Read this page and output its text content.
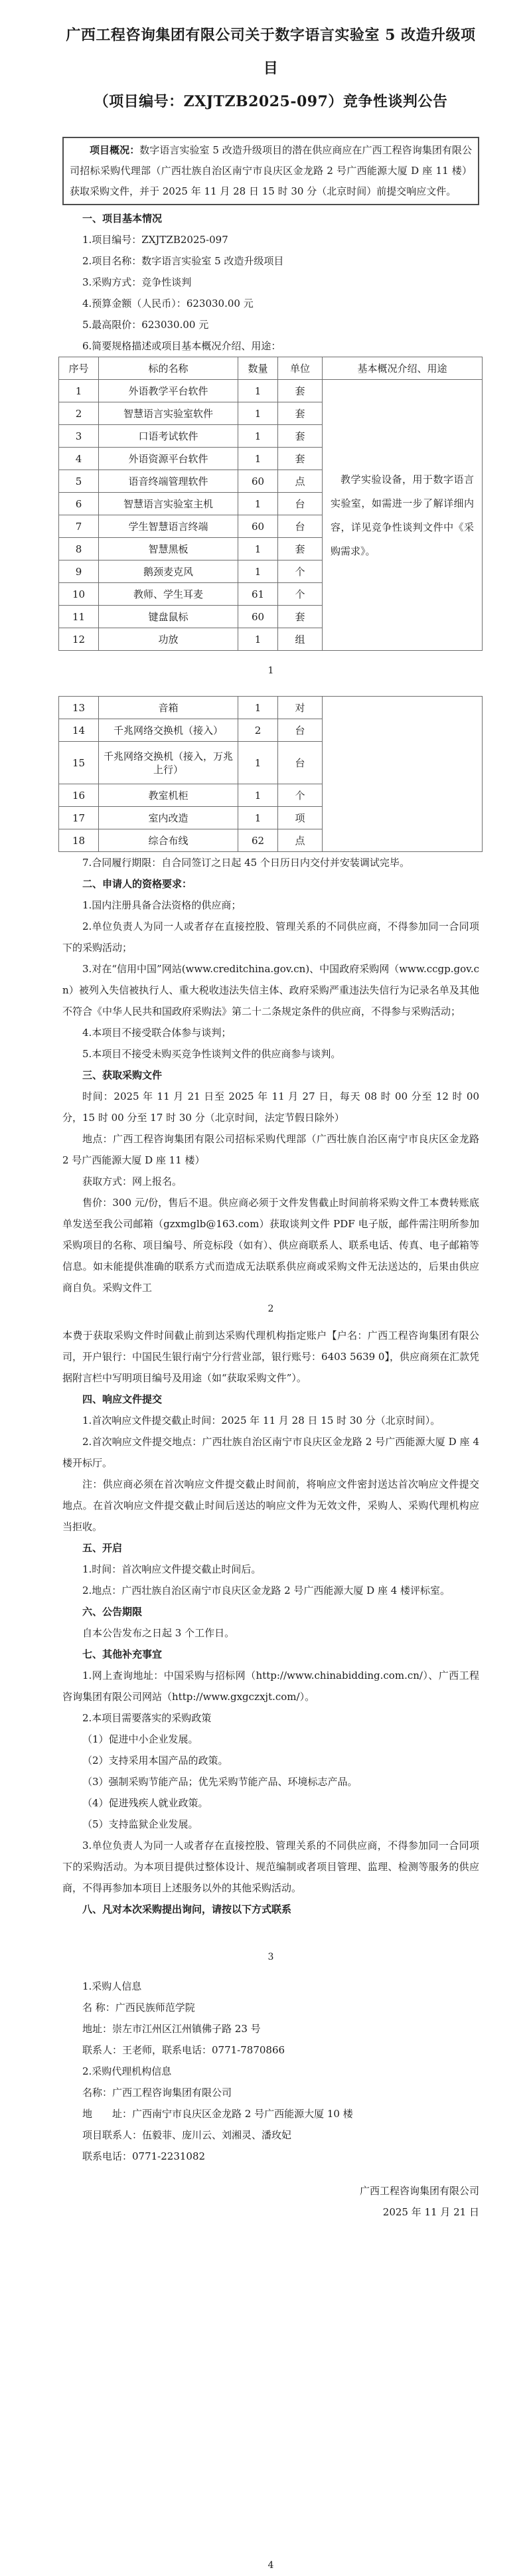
广西工程咨询集团有限公司关于数字语言实验室 5 改造升级项目
（项目编号：ZXJTZB2025-097）竞争性谈判公告

项目概况：数字语言实验室 5 改造升级项目的潜在供应商应在广西工程咨询集团有限公司招标采购代理部（广西壮族自治区南宁市良庆区金龙路 2 号广西能源大厦 D 座 11 楼）获取采购文件，并于 2025 年 11 月 28 日 15 时 30 分（北京时间）前提交响应文件。

一、项目基本情况

1.项目编号：ZXJTZB2025-097

2.项目名称：数字语言实验室 5 改造升级项目

3.采购方式：竞争性谈判

4.预算金额（人民币）：623030.00 元

5.最高限价：623030.00 元

6.简要规格描述或项目基本概况介绍、用途：

序号	标的名称	数量	单位	基本概况介绍、用途
1	外语教学平台软件	1	套	教学实验设备，用于数字语言实验室，如需进一步了解详细内容，详见竞争性谈判文件中《采购需求》。
2	智慧语言实验室软件	1	套	
3	口语考试软件	1	套	
4	外语资源平台软件	1	套	
5	语音终端管理软件	60	点	
6	智慧语言实验室主机	1	台	
7	学生智慧语言终端	60	台	
8	智慧黑板	1	套	
9	鹅颈麦克风	1	个	
10	教师、学生耳麦	61	个	
11	键盘鼠标	60	套	
12	功放	1	组	
1
13	音箱	1	对	
14	千兆网络交换机（接入）	2	台	
15	千兆网络交换机（接入，万兆上行）	1	台	
16	教室机柜	1	个	
17	室内改造	1	项	
18	综合布线	62	点	

7.合同履行期限：自合同签订之日起 45 个日历日内交付并安装调试完毕。

二、申请人的资格要求：

1.国内注册具备合法资格的供应商；

2.单位负责人为同一人或者存在直接控股、管理关系的不同供应商，不得参加同一合同项下的采购活动；

3.对在“信用中国”网站(www.creditchina.gov.cn)、中国政府采购网（www.ccgp.gov.cn）被列入失信被执行人、重大税收违法失信主体、政府采购严重违法失信行为记录名单及其他不符合《中华人民共和国政府采购法》第二十二条规定条件的供应商，不得参与采购活动；

4.本项目不接受联合体参与谈判；

5.本项目不接受未购买竞争性谈判文件的供应商参与谈判。

三、获取采购文件

时间：2025 年 11 月 21 日至 2025 年 11 月 27 日，每天 08 时 00 分至 12 时 00 分，15 时 00 分至 17 时 30 分（北京时间，法定节假日除外）

地点：广西工程咨询集团有限公司招标采购代理部（广西壮族自治区南宁市良庆区金龙路 2 号广西能源大厦 D 座 11 楼）

获取方式：网上报名。

售价：300 元/份，售后不退。供应商必须于文件发售截止时间前将采购文件工本费转账底单发送至我公司邮箱（gzxmglb@163.com）获取谈判文件 PDF 电子版，邮件需注明所参加采购项目的名称、项目编号、所竞标段（如有）、供应商联系人、联系电话、传真、电子邮箱等信息。如未能提供准确的联系方式而造成无法联系供应商或采购文件无法送达的，后果由供应商自负。采购文件工

2

本费于获取采购文件时间截止前到达采购代理机构指定账户【户名：广西工程咨询集团有限公司，开户银行：中国民生银行南宁分行营业部，银行账号：6403 5639 0】，供应商须在汇款凭据附言栏中写明项目编号及用途（如“获取采购文件”）。

四、响应文件提交

1.首次响应文件提交截止时间：2025 年 11 月 28 日 15 时 30 分（北京时间）。

2.首次响应文件提交地点：广西壮族自治区南宁市良庆区金龙路 2 号广西能源大厦 D 座 4 楼开标厅。

注：供应商必须在首次响应文件提交截止时间前，将响应文件密封送达首次响应文件提交地点。在首次响应文件提交截止时间后送达的响应文件为无效文件，采购人、采购代理机构应当拒收。

五、开启

1.时间：首次响应文件提交截止时间后。

2.地点：广西壮族自治区南宁市良庆区金龙路 2 号广西能源大厦 D 座 4 楼评标室。

六、公告期限

自本公告发布之日起 3 个工作日。

七、其他补充事宜

1.网上查询地址：中国采购与招标网（http://www.chinabidding.com.cn/）、广西工程咨询集团有限公司网站（http://www.gxgczxjt.com/）。

2.本项目需要落实的采购政策

（1）促进中小企业发展。

（2）支持采用本国产品的政策。

（3）强制采购节能产品；优先采购节能产品、环境标志产品。

（4）促进残疾人就业政策。

（5）支持监狱企业发展。

3.单位负责人为同一人或者存在直接控股、管理关系的不同供应商，不得参加同一合同项下的采购活动。为本项目提供过整体设计、规范编制或者项目管理、监理、检测等服务的供应商，不得再参加本项目上述服务以外的其他采购活动。

八、凡对本次采购提出询问，请按以下方式联系

3

1.采购人信息

名 称：广西民族师范学院

地址：崇左市江州区江州镇佛子路 23 号

联系人：王老师，联系电话：0771-7870866

2.采购代理机构信息

名称：广西工程咨询集团有限公司

地　　址：广西南宁市良庆区金龙路 2 号广西能源大厦 10 楼

项目联系人：伍毅菲、庞川云、刘湘灵、潘玫妃

联系电话：0771-2231082

广西工程咨询集团有限公司

2025 年 11 月 21 日

4
